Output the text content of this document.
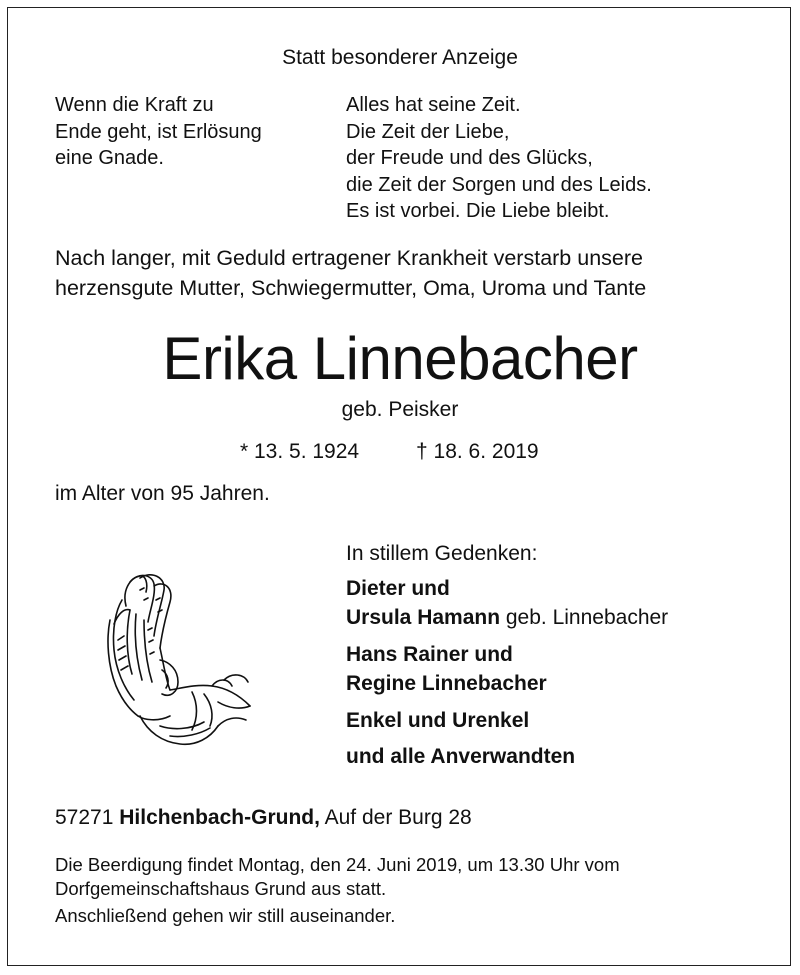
Statt besonderer Anzeige
Wenn die Kraft zu
Ende geht, ist Erlösung
eine Gnade.
Alles hat seine Zeit.
Die Zeit der Liebe,
der Freude und des Glücks,
die Zeit der Sorgen und des Leids.
Es ist vorbei. Die Liebe bleibt.
Nach langer, mit Geduld ertragener Krankheit verstarb unsere
herzensgute Mutter, Schwiegermutter, Oma, Uroma und Tante
Erika Linnebacher
geb. Peisker
* 13. 5. 1924	† 18. 6. 2019
im Alter von 95 Jahren.
In stillem Gedenken:
Dieter und
Ursula Hamann geb. Linnebacher
Hans Rainer und
Regine Linnebacher
Enkel und Urenkel
und alle Anverwandten
57271 Hilchenbach-Grund, Auf der Burg 28
Die Beerdigung findet Montag, den 24. Juni 2019, um 13.30 Uhr vom
Dorfgemeinschaftshaus Grund aus statt.
Anschließend gehen wir still auseinander.
